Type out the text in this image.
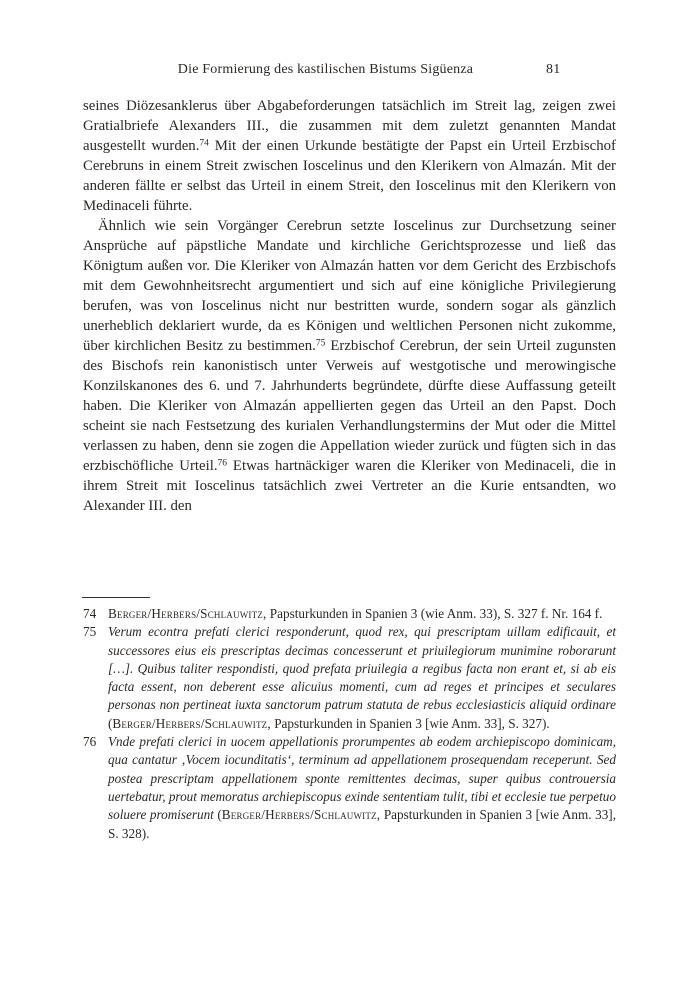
Die Formierung des kastilischen Bistums Sigüenza	81

seines Diözesanklerus über Abgabeforderungen tatsächlich im Streit lag, zeigen zwei Gratialbriefe Alexanders III., die zusammen mit dem zuletzt genannten Mandat ausgestellt wurden.$^{74}$ Mit der einen Urkunde bestätigte der Papst ein Urteil Erzbischof Cerebruns in einem Streit zwischen Ioscelinus und den Klerikern von Almazán. Mit der anderen fällte er selbst das Urteil in einem Streit, den Ioscelinus mit den Klerikern von Medinaceli führte.

Ähnlich wie sein Vorgänger Cerebrun setzte Ioscelinus zur Durchsetzung seiner Ansprüche auf päpstliche Mandate und kirchliche Gerichtsprozesse und ließ das Königtum außen vor. Die Kleriker von Almazán hatten vor dem Gericht des Erzbischofs mit dem Gewohnheitsrecht argumentiert und sich auf eine königliche Privilegierung berufen, was von Ioscelinus nicht nur bestritten wurde, sondern sogar als gänzlich unerheblich deklariert wurde, da es Königen und weltlichen Personen nicht zukomme, über kirchlichen Besitz zu bestimmen.$^{75}$ Erzbischof Cerebrun, der sein Urteil zugunsten des Bischofs rein kanonistisch unter Verweis auf westgotische und merowingische Konzilskanones des 6. und 7. Jahrhunderts begründete, dürfte diese Auffassung geteilt haben. Die Kleriker von Almazán appellierten gegen das Urteil an den Papst. Doch scheint sie nach Festsetzung des kurialen Verhandlungstermins der Mut oder die Mittel verlassen zu haben, denn sie zogen die Appellation wieder zurück und fügten sich in das erzbischöfliche Urteil.$^{76}$ Etwas hartnäckiger waren die Kleriker von Medinaceli, die in ihrem Streit mit Ioscelinus tatsächlich zwei Vertreter an die Kurie entsandten, wo Alexander III. den

74 Berger/Herbers/Schlauwitz, Papsturkunden in Spanien 3 (wie Anm. 33), S. 327 f. Nr. 164 f.

75 Verum econtra prefati clerici responderunt, quod rex, qui prescriptam uillam edificauit, et successores eius eis prescriptas decimas concesserunt et priuilegiorum munimine roborarunt […]. Quibus taliter respondisti, quod prefata priuilegia a regibus facta non erant et, si ab eis facta essent, non deberent esse alicuius momenti, cum ad reges et principes et seculares personas non pertineat iuxta sanctorum patrum statuta de rebus ecclesiasticis aliquid ordinare (Berger/Herbers/Schlauwitz, Papsturkunden in Spanien 3 [wie Anm. 33], S. 327).

76 Vnde prefati clerici in uocem appellationis prorumpentes ab eodem archiepiscopo dominicam, qua cantatur ‚Vocem iocunditatis‘, terminum ad appellationem prosequendam receperunt. Sed postea prescriptam appellationem sponte remittentes decimas, super quibus controuersia uertebatur, prout memoratus archiepiscopus exinde sententiam tulit, tibi et ecclesie tue perpetuo soluere promiserunt (Berger/Herbers/Schlauwitz, Papsturkunden in Spanien 3 [wie Anm. 33], S. 328).
